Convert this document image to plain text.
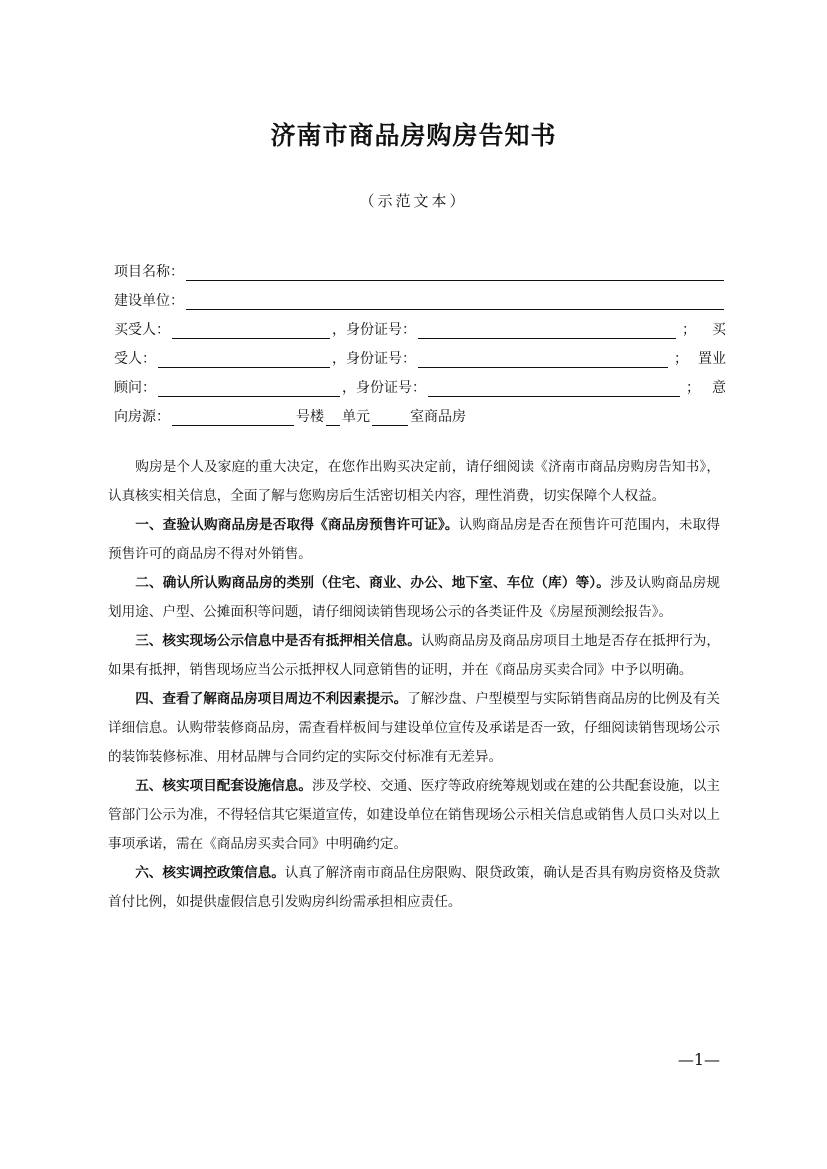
济南市商品房购房告知书
（示范文本）
项目名称：
建设单位：
买受人：	，身份证号：	； 买
受人：	，身份证号：	； 置业
顾问：	，身份证号：	； 意
向房源：	号楼 单元	室商品房

购房是个人及家庭的重大决定，在您作出购买决定前，请仔细阅读《济南市商品房购房告知书》，认真核实相关信息，全面了解与您购房后生活密切相关内容，理性消费，切实保障个人权益。

一、查验认购商品房是否取得《商品房预售许可证》。认购商品房是否在预售许可范围内，未取得预售许可的商品房不得对外销售。

二、确认所认购商品房的类别（住宅、商业、办公、地下室、车位（库）等）。涉及认购商品房规划用途、户型、公摊面积等问题，请仔细阅读销售现场公示的各类证件及《房屋预测绘报告》。

三、核实现场公示信息中是否有抵押相关信息。认购商品房及商品房项目土地是否存在抵押行为，如果有抵押，销售现场应当公示抵押权人同意销售的证明，并在《商品房买卖合同》中予以明确。

四、查看了解商品房项目周边不利因素提示。了解沙盘、户型模型与实际销售商品房的比例及有关详细信息。认购带装修商品房，需查看样板间与建设单位宣传及承诺是否一致，仔细阅读销售现场公示的装饰装修标准、用材品牌与合同约定的实际交付标准有无差异。

五、核实项目配套设施信息。涉及学校、交通、医疗等政府统筹规划或在建的公共配套设施，以主管部门公示为准，不得轻信其它渠道宣传，如建设单位在销售现场公示相关信息或销售人员口头对以上事项承诺，需在《商品房买卖合同》中明确约定。

六、核实调控政策信息。认真了解济南市商品住房限购、限贷政策，确认是否具有购房资格及贷款首付比例，如提供虚假信息引发购房纠纷需承担相应责任。

—1—
